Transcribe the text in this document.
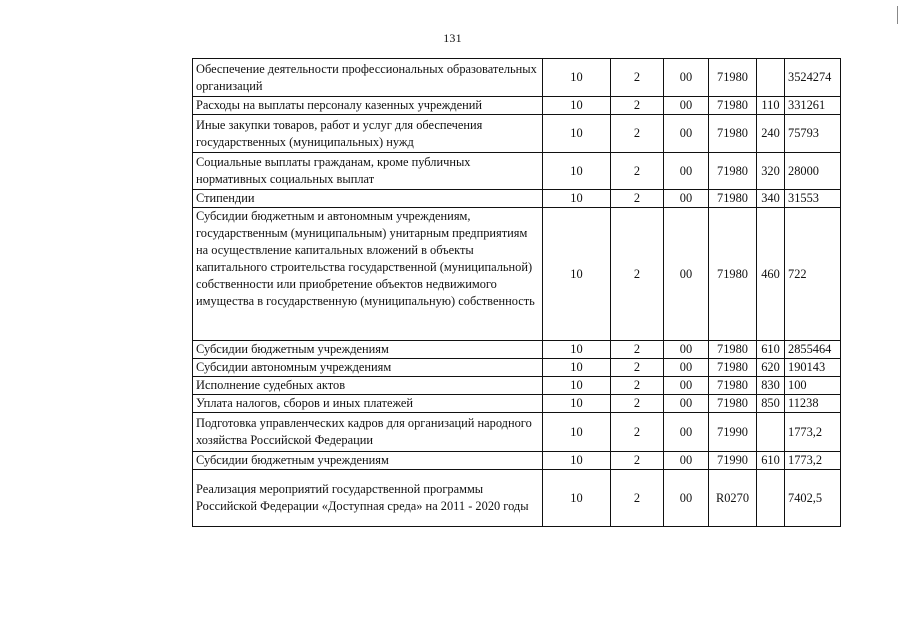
131
Обеспечение деятельности профессиональных образовательных организаций	10	2	00	71980		3524274
Расходы на выплаты персоналу казенных учреждений	10	2	00	71980	110	331261
Иные закупки товаров, работ и услуг для обеспечения государственных (муниципальных) нужд	10	2	00	71980	240	75793
Социальные выплаты гражданам, кроме публичных нормативных социальных выплат	10	2	00	71980	320	28000
Стипендии	10	2	00	71980	340	31553
Субсидии бюджетным и автономным учреждениям, государственным (муниципальным) унитарным предприятиям на осуществление капитальных вложений в объекты капитального строительства государственной (муниципальной) собственности или приобретение объектов недвижимого имущества в государственную (муниципальную) собственность	10	2	00	71980	460	722
Субсидии бюджетным учреждениям	10	2	00	71980	610	2855464
Субсидии автономным учреждениям	10	2	00	71980	620	190143
Исполнение судебных актов	10	2	00	71980	830	100
Уплата налогов, сборов и иных платежей	10	2	00	71980	850	11238
Подготовка управленческих кадров для организаций народного хозяйства Российской Федерации	10	2	00	71990		1773,2
Субсидии бюджетным учреждениям	10	2	00	71990	610	1773,2
Реализация мероприятий государственной программы Российской Федерации «Доступная среда» на 2011 - 2020 годы	10	2	00	R0270		7402,5
